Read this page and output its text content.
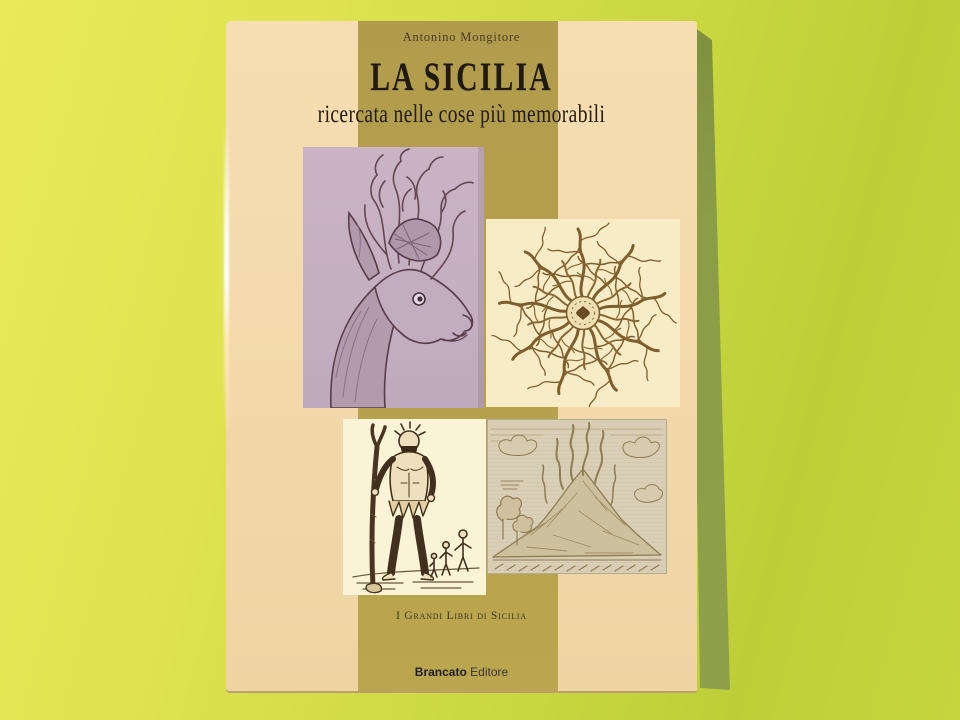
Antonino Mongitore
LA SICILIA
ricercata nelle cose più memorabili
I Grandi Libri di Sicilia
Brancato Editore
